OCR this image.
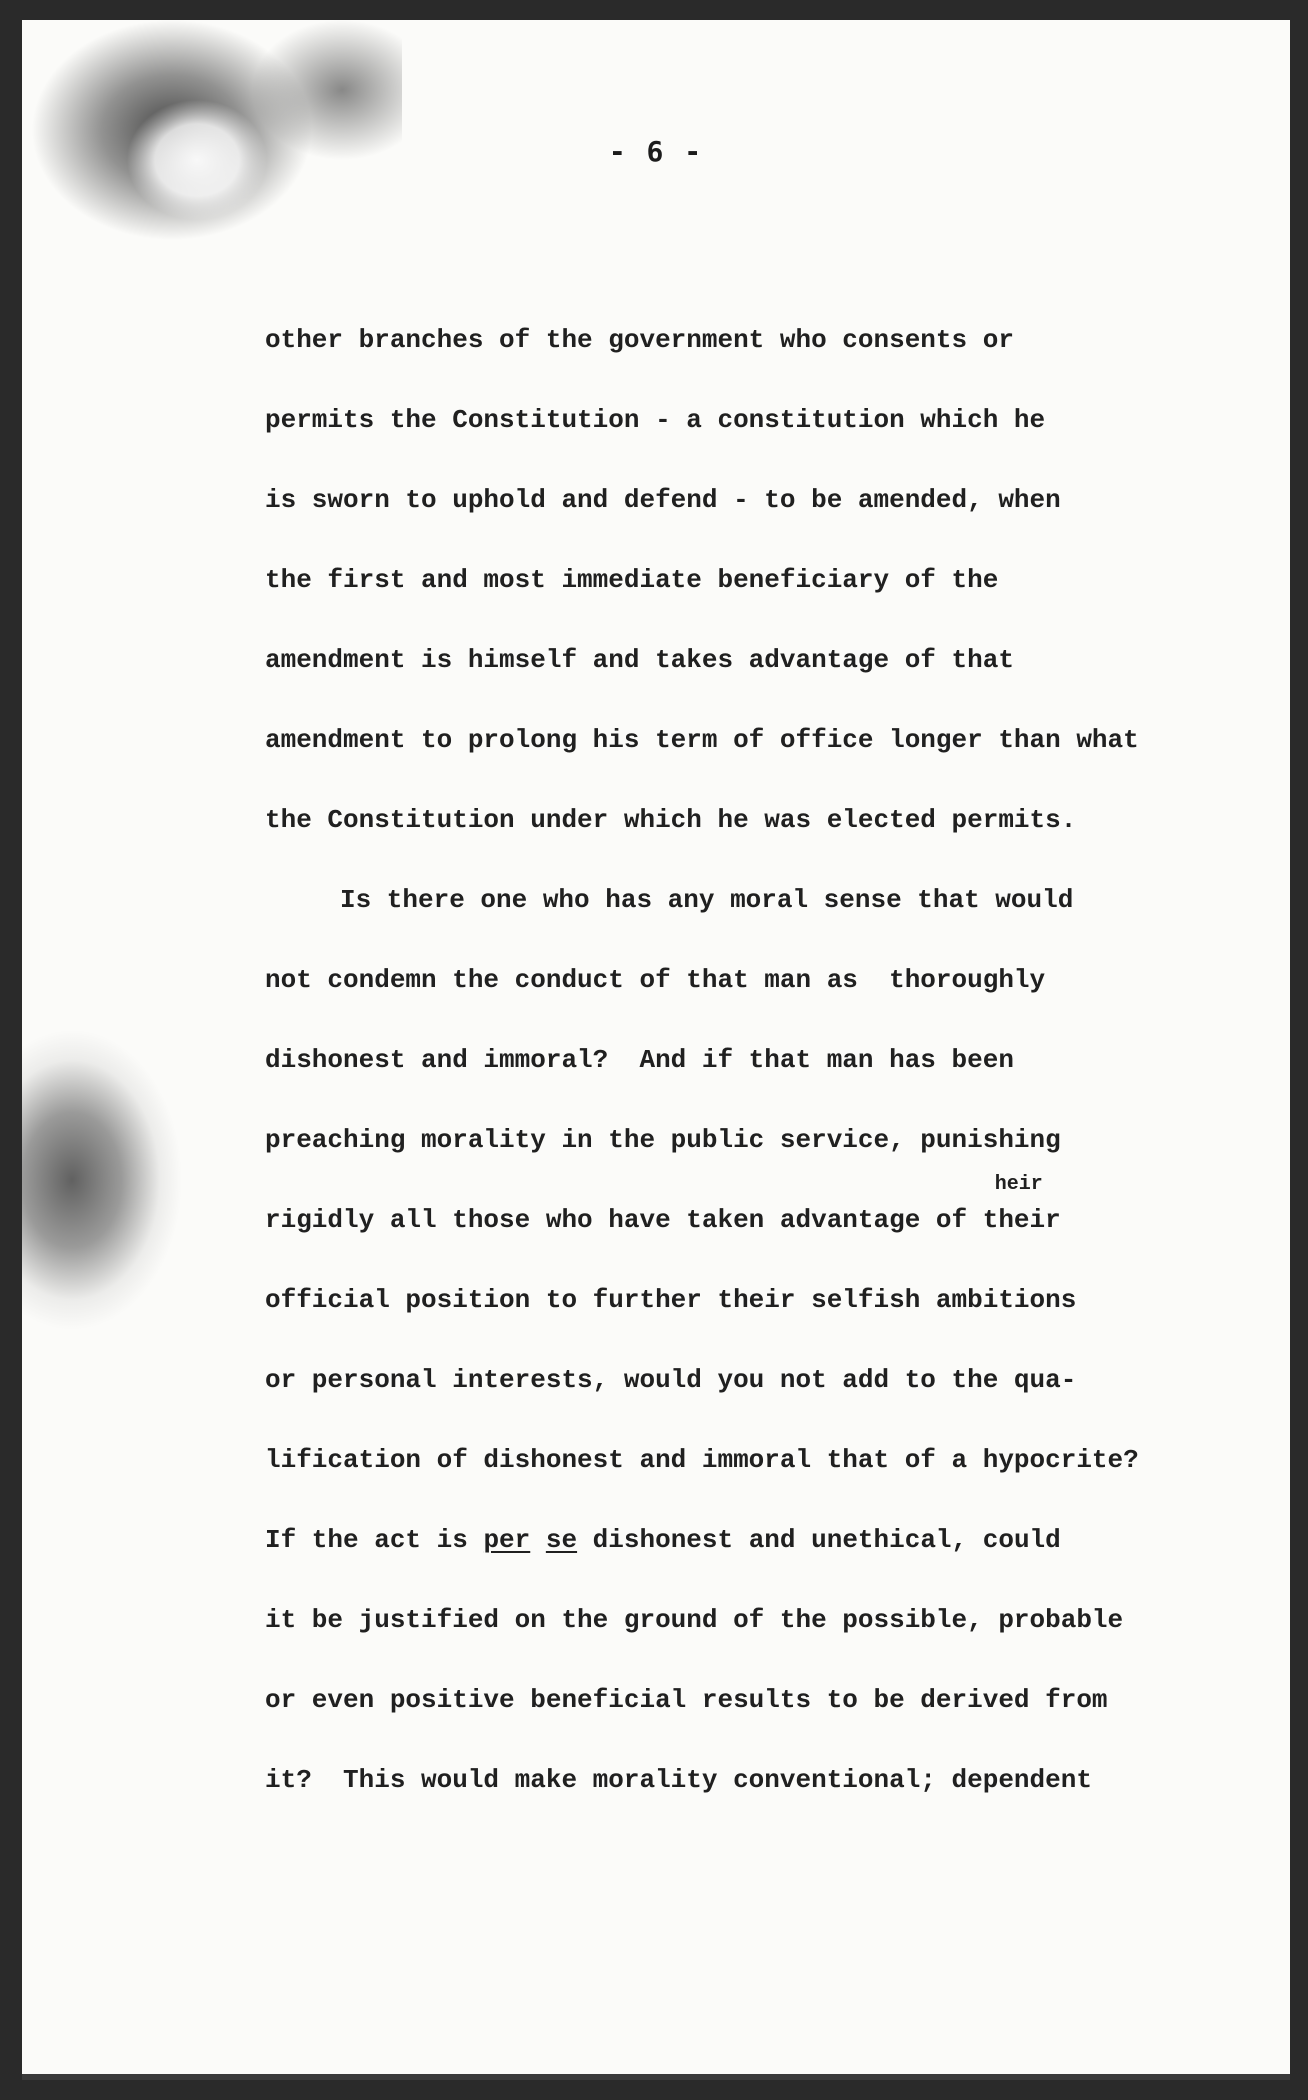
- 6 -
other branches of the government who consents or
permits the Constitution - a constitution which he
is sworn to uphold and defend - to be amended, when
the first and most immediate beneficiary of the
amendment is himself and takes advantage of that
amendment to prolong his term of office longer than what
the Constitution under which he was elected permits.
Is there one who has any moral sense that would
not condemn the conduct of that man as  thoroughly
dishonest and immoral?  And if that man has been
preaching morality in the public service, punishing
rigidly all those who have taken advantage of
heir
their
official position to further their selfish ambitions
or personal interests, would you not add to the qua-
lification of dishonest and immoral that of a hypocrite?
If the act is per se dishonest and unethical, could
it be justified on the ground of the possible, probable
or even positive beneficial results to be derived from
it?  This would make morality conventional; dependent
